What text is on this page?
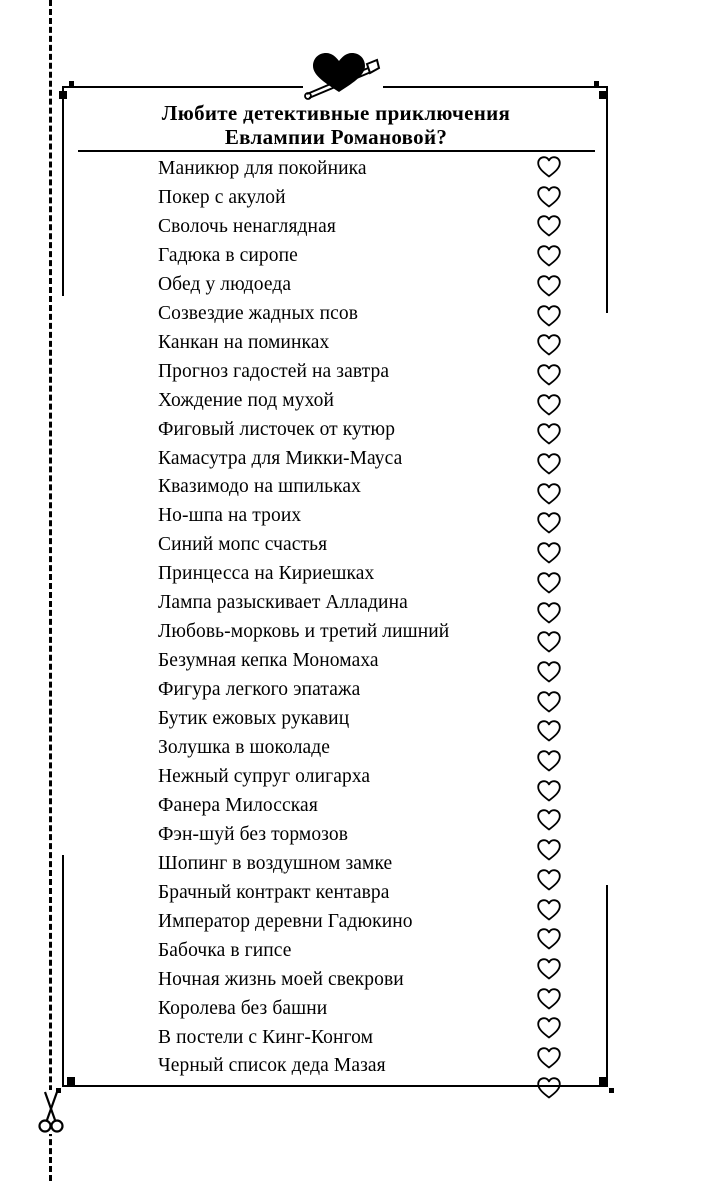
Любите детективные приключения
Евлампии Романовой?
Маникюр для покойника
Покер с акулой
Сволочь ненаглядная
Гадюка в сиропе
Обед у людоеда
Созвездие жадных псов
Канкан на поминках
Прогноз гадостей на завтра
Хождение под мухой
Фиговый листочек от кутюр
Камасутра для Микки-Мауса
Квазимодо на шпильках
Но-шпа на троих
Синий мопс счастья
Принцесса на Кириешках
Лампа разыскивает Алладина
Любовь-морковь и третий лишний
Безумная кепка Мономаха
Фигура легкого эпатажа
Бутик ежовых рукавиц
Золушка в шоколаде
Нежный супруг олигарха
Фанера Милосская
Фэн-шуй без тормозов
Шопинг в воздушном замке
Брачный контракт кентавра
Император деревни Гадюкино
Бабочка в гипсе
Ночная жизнь моей свекрови
Королева без башни
В постели с Кинг-Конгом
Черный список деда Мазая
